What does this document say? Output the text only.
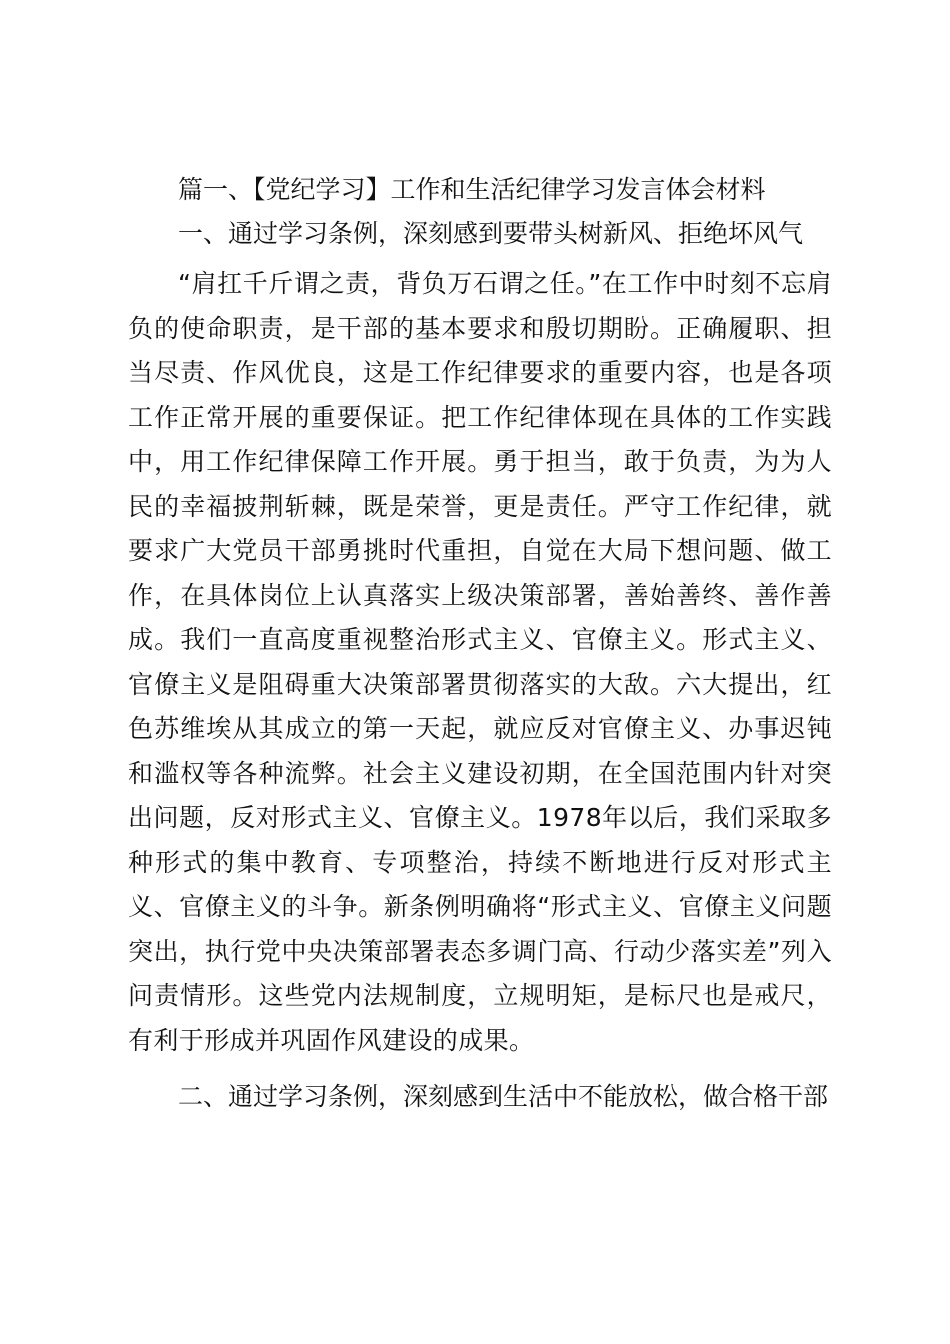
篇一、【党纪学习】工作和生活纪律学习发言体会材料
一、通过学习条例，深刻感到要带头树新风、拒绝坏风气

“肩扛千斤谓之责，背负万石谓之任。”在工作中时刻不忘肩负的使命职责，是干部的基本要求和殷切期盼。正确履职、担当尽责、作风优良，这是工作纪律要求的重要内容，也是各项工作正常开展的重要保证。把工作纪律体现在具体的工作实践中，用工作纪律保障工作开展。勇于担当，敢于负责，为为人民的幸福披荆斩棘，既是荣誉，更是责任。严守工作纪律，就要求广大党员干部勇挑时代重担，自觉在大局下想问题、做工作，在具体岗位上认真落实上级决策部署，善始善终、善作善成。我们一直高度重视整治形式主义、官僚主义。形式主义、官僚主义是阻碍重大决策部署贯彻落实的大敌。六大提出，红色苏维埃从其成立的第一天起，就应反对官僚主义、办事迟钝和滥权等各种流弊。社会主义建设初期，在全国范围内针对突出问题，反对形式主义、官僚主义。1978年以后，我们采取多种形式的集中教育、专项整治，持续不断地进行反对形式主义、官僚主义的斗争。新条例明确将“形式主义、官僚主义问题突出，执行党中央决策部署表态多调门高、行动少落实差”列入问责情形。这些党内法规制度，立规明矩，是标尺也是戒尺，有利于形成并巩固作风建设的成果。

二、通过学习条例，深刻感到生活中不能放松，做合格干部
